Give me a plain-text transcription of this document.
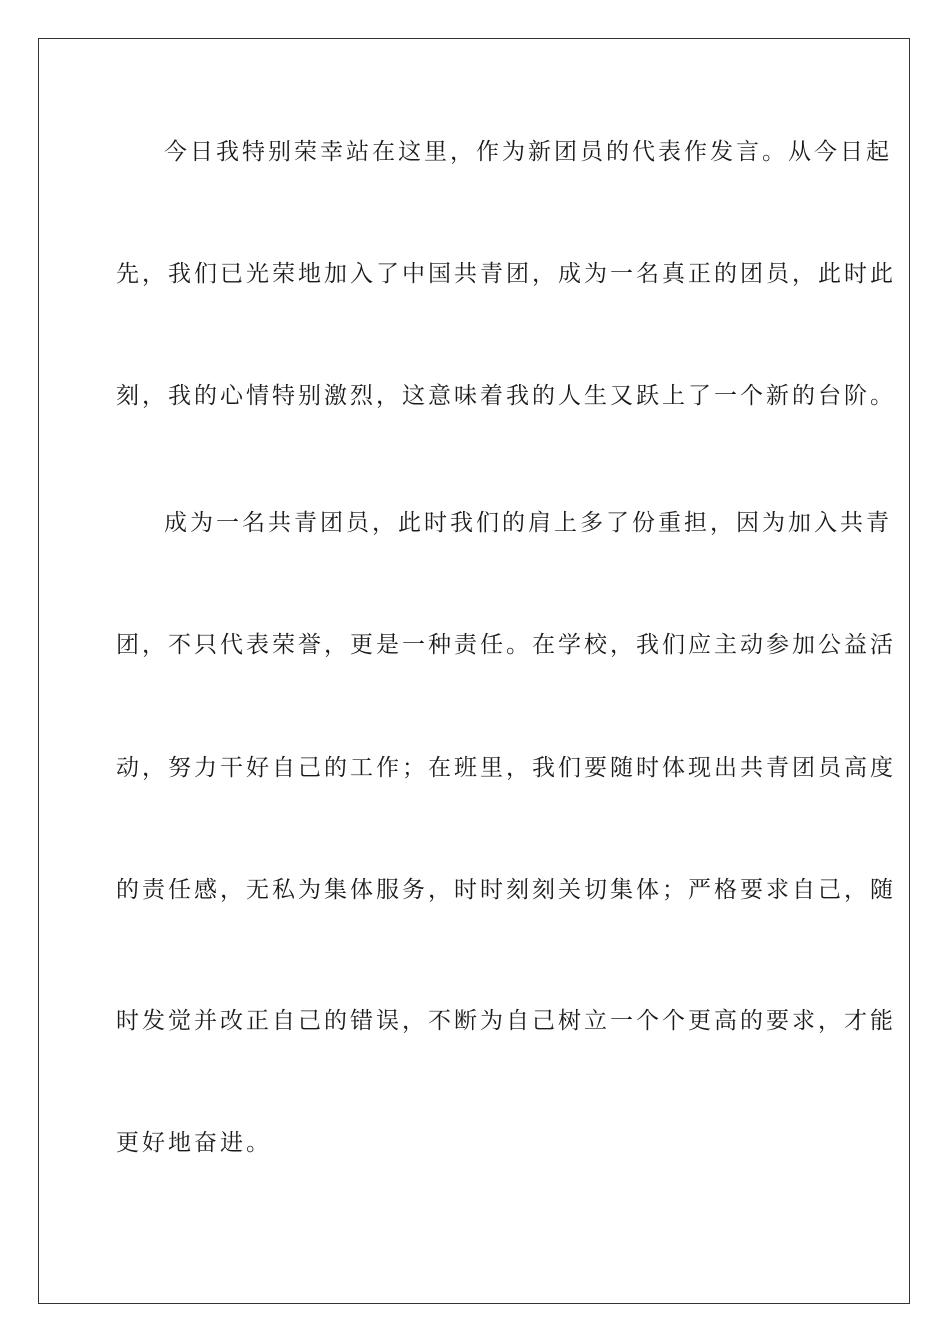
今日我特别荣幸站在这里，作为新团员的代表作发言。从今日起
先，我们已光荣地加入了中国共青团，成为一名真正的团员，此时此
刻，我的心情特别激烈，这意味着我的人生又跃上了一个新的台阶。
成为一名共青团员，此时我们的肩上多了份重担，因为加入共青
团，不只代表荣誉，更是一种责任。在学校，我们应主动参加公益活
动，努力干好自己的工作；在班里，我们要随时体现出共青团员高度
的责任感，无私为集体服务，时时刻刻关切集体；严格要求自己，随
时发觉并改正自己的错误，不断为自己树立一个个更高的要求，才能
更好地奋进。
